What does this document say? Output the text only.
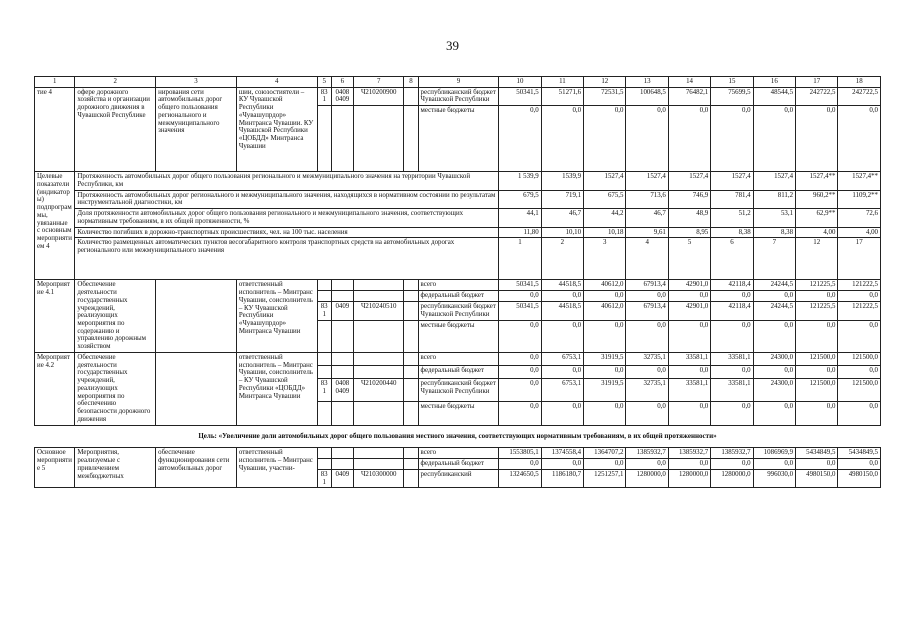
39
1	2	3	4	5	6	7	8	9	10	11	12	13	14	15	16	17	18
тие 4	офере дорожного хозяйства и организации дорожного движения в Чувашской Республике	нирования сети автомобильных дорог общего пользования регионального и межмуниципального значения	шии, союзостиятели – КУ Чувашской Республики «Чувашупрдор» Минтранса Чувашии. КУ Чувашской Республики «ЦОБДД» Минтранса Чувашии	831	0408 0409	Ч210200900		республиканский бюджет Чувашской Республики	50341,5	51271,6	72531,5	100648,5	76482,1	75699,5	48544,5	242722,5	242722,5
								местные бюджеты	0,0	0,0	0,0	0,0	0,0	0,0	0,0	0,0	0,0
Целевые показатели (индикаторы) подпрограммы, увязанные с основным мероприятием 4	Протяженность автомобильных дорог общего пользования регионального и межмуниципального значения на территории Чувашской Республики, км								1 539,9	1539,9	1527,4	1527,4	1527,4	1527,4	1527,4	1527,4**	1527,4**
	Протяженность автомобильных дорог регионального и межмуниципального значения, находящихся в нормативном состоянии по результатам инструментальной диагностики, км								679,5	719,1	675,5	713,6	746,9	781,4	811,2	960,2**	1109,2**
	Доля протяженности автомобильных дорог общего пользования регионального и межмуниципального значения, соответствующих нормативным требованиям, в их общей протяженности, %								44,1	46,7	44,2	46,7	48,9	51,2	53,1	62,9**	72,6
	Количество погибших в дорожно-транспортных происшествиях, чел. на 100 тыс. населения								11,80	10,10	10,18	9,61	8,95	8,38	8,38	4,00	4,00
	Количество размещенных автоматических пунктов весогабаритного контроля транспортных средств на автомобильных дорогах регионального или межмуниципального значения								1	2	3	4	5	6	7	12	17
Мероприятие 4.1	Обеспечение деятельности государственных учреждений, реализующих мероприятия по содержанию и управлению дорожным хозяйством		ответственный исполнитель – Минтранс Чувашии, соисполнитель – КУ Чувашской Республики «Чувашупрдор» Минтранса Чувашии					всего	50341,5	44518,5	40612,0	67913,4	42901,0	42118,4	24244,5	121225,5	121222,5
								федеральный бюджет	0,0	0,0	0,0	0,0	0,0	0,0	0,0	0,0	0,0
				831	0409	Ч210240510		республиканский бюджет Чувашской Республики	50341,5	44518,5	40612,0	67913,4	42901,0	42118,4	24244,5	121225,5	121222,5
								местные бюджеты	0,0	0,0	0,0	0,0	0,0	0,0	0,0	0,0	0,0
Мероприятие 4.2	Обеспечение деятельности государственных учреждений, реализующих мероприятия по обеспечению безопасности дорожного движения		ответственный исполнитель – Минтранс Чувашии, соисполнитель – КУ Чувашской Республики «ЦОБДД» Минтранса Чувашии					всего	0,0	6753,1	31919,5	32735,1	33581,1	33581,1	24300,0	121500,0	121500,0
								федеральный бюджет	0,0	0,0	0,0	0,0	0,0	0,0	0,0	0,0	0,0
				831	0408 0409	Ч210200440		республиканский бюджет Чувашской Республики	0,0	6753,1	31919,5	32735,1	33581,1	33581,1	24300,0	121500,0	121500,0
								местные бюджеты	0,0	0,0	0,0	0,0	0,0	0,0	0,0	0,0	0,0
Цель: «Увеличение доли автомобильных дорог общего пользования местного значения, соответствующих нормативным требованиям, в их общей протяженности»																	
Основное мероприятие 5	Мероприятия, реализуемые с привлечением межбюджетных	обеспечение функционирования сети автомобильных дорог	ответственный исполнитель – Минтранс Чувашии, участни-					всего	1553805,1	1374558,4	1364707,2	1385932,7	1385932,7	1385932,7	1086969,9	5434849,5	5434849,5
								федеральный бюджет	0,0	0,0	0,0	0,0	0,0	0,0	0,0	0,0	0,0
				831	0409	Ч210300000		республиканский	1324650,5	1186180,7	1251257,1	1280000,0	1280000,0	1280000,0	996030,0	4980150,0	4980150,0
